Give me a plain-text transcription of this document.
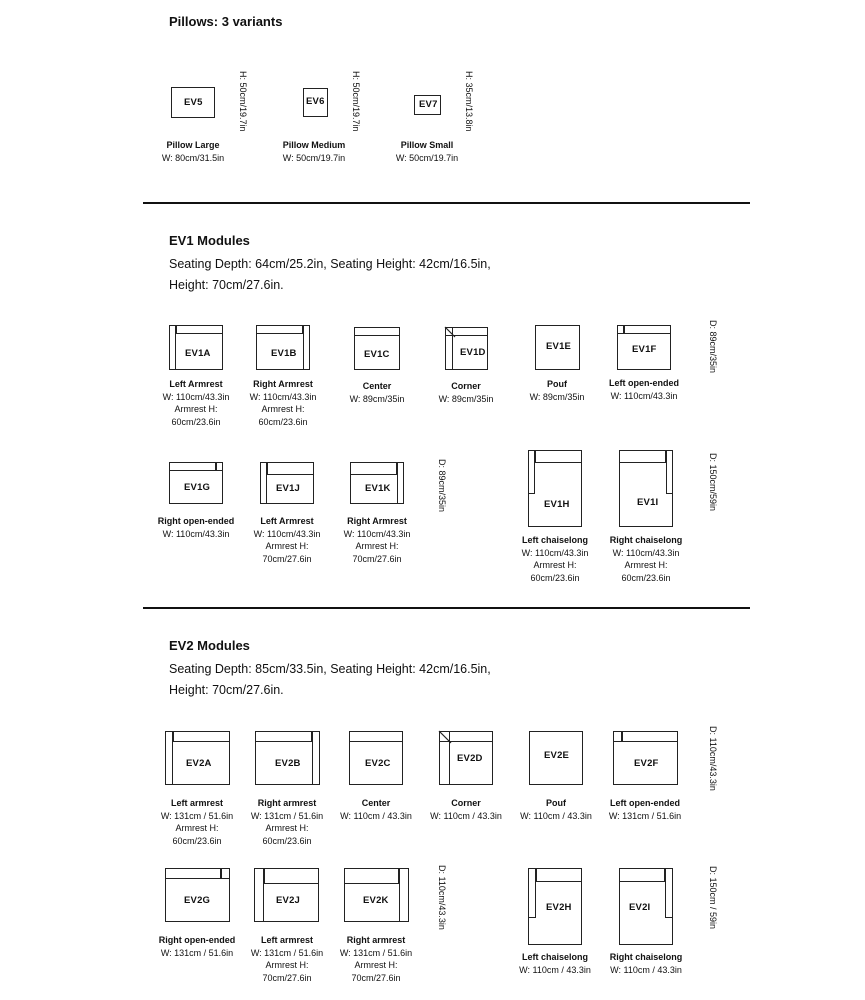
Pillows: 3 variants
EV5	H: 50cm/19.7in
Pillow Large
W: 80cm/31.5in
EV6	H: 50cm/19.7in
Pillow Medium
W: 50cm/19.7in
EV7	H: 35cm/13.8in
Pillow Small
W: 50cm/19.7in
EV1 Modules
Seating Depth: 64cm/25.2in, Seating Height: 42cm/16.5in,
Height: 70cm/27.6in.
EV1A
Left Armrest
W: 110cm/43.3in
Armrest H:
60cm/23.6in
EV1B
Right Armrest
W: 110cm/43.3in
Armrest H:
60cm/23.6in
EV1C
Center
W: 89cm/35in
EV1D
Corner
W: 89cm/35in
EV1E
Pouf
W: 89cm/35in
EV1F
Left open-ended
W: 110cm/43.3in
D: 89cm/35in
EV1G
Right open-ended
W: 110cm/43.3in
EV1J
Left Armrest
W: 110cm/43.3in
Armrest H:
70cm/27.6in
EV1K
Right Armrest
W: 110cm/43.3in
Armrest H:
70cm/27.6in
D: 89cm/35in	EV1H
Left chaiselong
W: 110cm/43.3in
Armrest H:
60cm/23.6in
EV1I
Right chaiselong
W: 110cm/43.3in
Armrest H:
60cm/23.6in
D: 150cm/59in
EV2 Modules
Seating Depth: 85cm/33.5in, Seating Height: 42cm/16.5in,
Height: 70cm/27.6in.
EV2A
Left armrest
W: 131cm / 51.6in
Armrest H:
60cm/23.6in
EV2B
Right armrest
W: 131cm / 51.6in
Armrest H:
60cm/23.6in
EV2C
Center
W: 110cm / 43.3in
EV2D
Corner
W: 110cm / 43.3in
EV2E
Pouf
W: 110cm / 43.3in
EV2F
Left open-ended
W: 131cm / 51.6in
D: 110cm/43.3in
EV2G
Right open-ended
W: 131cm / 51.6in
EV2J
Left armrest
W: 131cm / 51.6in
Armrest H:
70cm/27.6in
EV2K
Right armrest
W: 131cm / 51.6in
Armrest H:
70cm/27.6in
D: 110cm/43.3in	EV2H
Left chaiselong
W: 110cm / 43.3in
EV2I
Right chaiselong
W: 110cm / 43.3in
D: 150cm / 59in
